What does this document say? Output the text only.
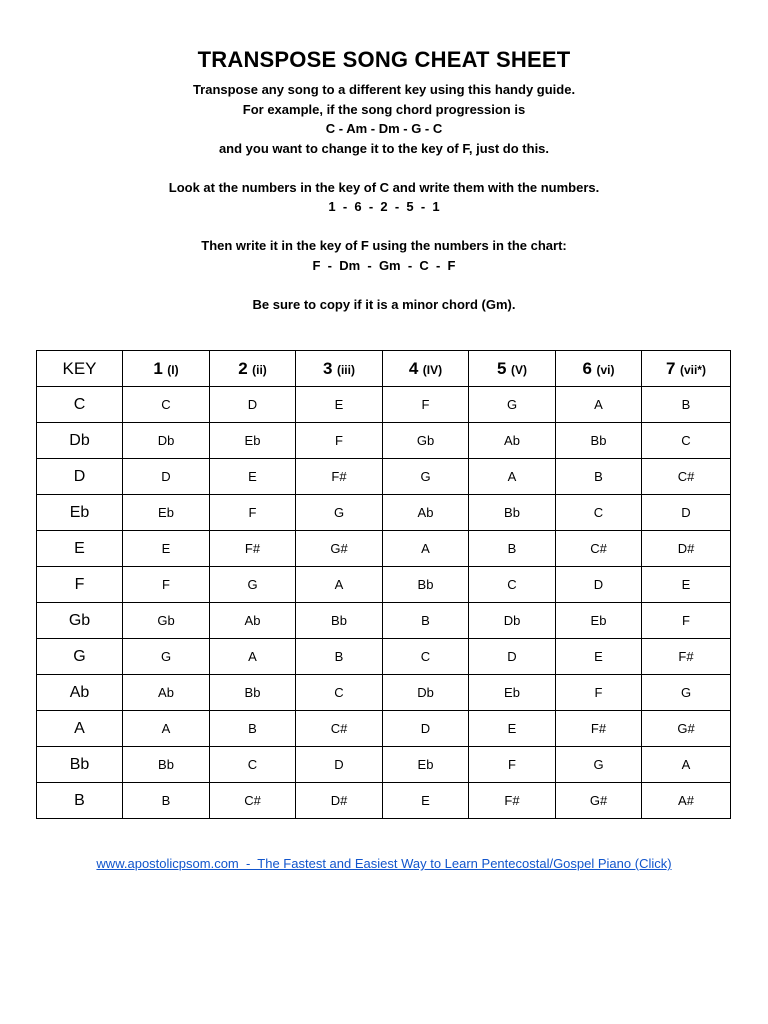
TRANSPOSE SONG CHEAT SHEET
Transpose any song to a different key using this handy guide.
For example, if the song chord progression is
C - Am - Dm - G - C
and you want to change it to the key of F, just do this.
Look at the numbers in the key of C and write them with the numbers.
1  -  6  -  2  -  5  -  1
Then write it in the key of F using the numbers in the chart:
F  -  Dm  -  Gm  -  C  -  F
Be sure to copy if it is a minor chord (Gm).
KEY	1 (I)	2 (ii)	3 (iii)	4 (IV)	5 (V)	6 (vi)	7 (vii*)
C	C	D	E	F	G	A	B
Db	Db	Eb	F	Gb	Ab	Bb	C
D	D	E	F#	G	A	B	C#
Eb	Eb	F	G	Ab	Bb	C	D
E	E	F#	G#	A	B	C#	D#
F	F	G	A	Bb	C	D	E
Gb	Gb	Ab	Bb	B	Db	Eb	F
G	G	A	B	C	D	E	F#
Ab	Ab	Bb	C	Db	Eb	F	G
A	A	B	C#	D	E	F#	G#
Bb	Bb	C	D	Eb	F	G	A
B	B	C#	D#	E	F#	G#	A#
www.apostolicpsom.com  -  The Fastest and Easiest Way to Learn Pentecostal/Gospel Piano (Click)
